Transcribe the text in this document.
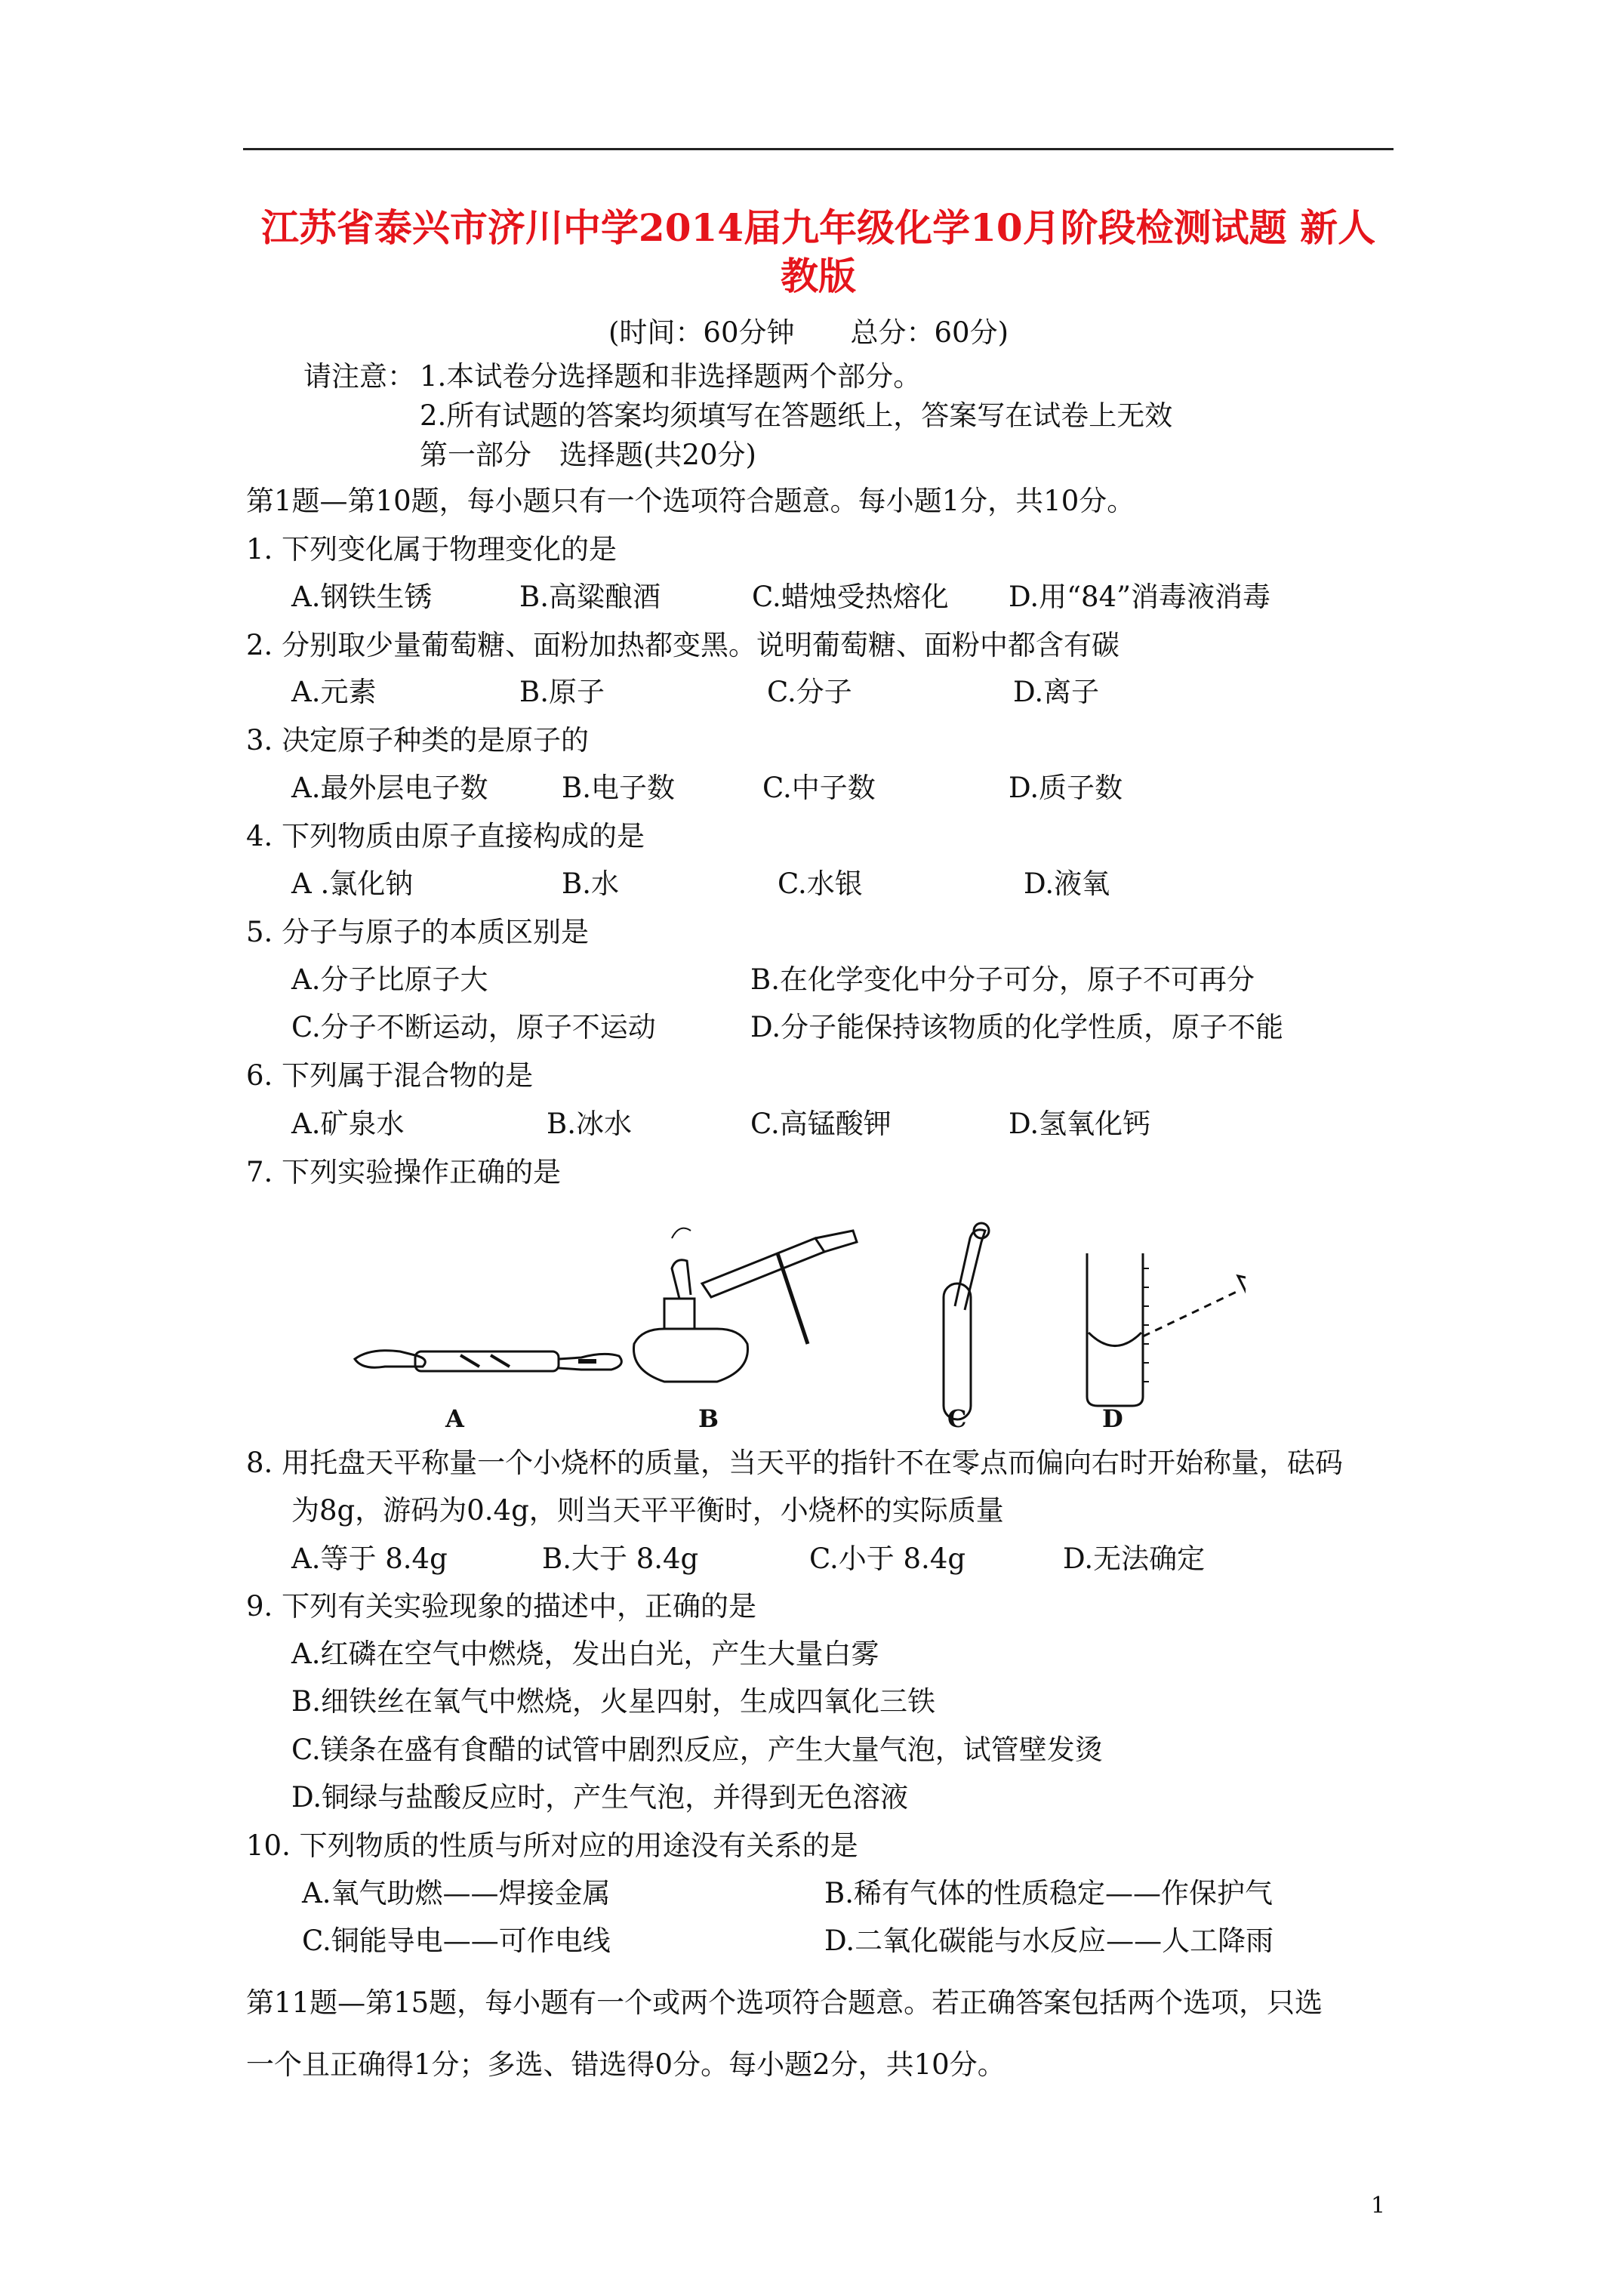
江苏省泰兴市济川中学2014届九年级化学10月阶段检测试题 新人
教版
(时间：60分钟　　总分：60分)
请注意： 1.本试卷分选择题和非选择题两个部分。
2.所有试题的答案均须填写在答题纸上，答案写在试卷上无效
第一部分　选择题(共20分)
第1题—第10题，每小题只有一个选项符合题意。每小题1分，共10分。
1. 下列变化属于物理变化的是
A.钢铁生锈	B.高粱酿酒	C.蜡烛受热熔化 D.用“84”消毒液消毒
2. 分别取少量葡萄糖、面粉加热都变黑。说明葡萄糖、面粉中都含有碳
A.元素	B.原子	C.分子	D.离子
3. 决定原子种类的是原子的
A.最外层电子数	B.电子数	C.中子数	D.质子数
4. 下列物质由原子直接构成的是
A .氯化钠	B.水	C.水银	D.液氧
5. 分子与原子的本质区别是
A.分子比原子大	B.在化学变化中分子可分，原子不可再分
C.分子不断运动，原子不运动	D.分子能保持该物质的化学性质，原子不能
6. 下列属于混合物的是
A.矿泉水	B.冰水	C.高锰酸钾	D.氢氧化钙
7. 下列实验操作正确的是
A	B	C	D
8. 用托盘天平称量一个小烧杯的质量，当天平的指针不在零点而偏向右时开始称量，砝码
为8g，游码为0.4g，则当天平平衡时，小烧杯的实际质量
A.等于 8.4g	B.大于 8.4g	C.小于 8.4g	D.无法确定
9. 下列有关实验现象的描述中，正确的是
A.红磷在空气中燃烧，发出白光，产生大量白雾
B.细铁丝在氧气中燃烧，火星四射，生成四氧化三铁
C.镁条在盛有食醋的试管中剧烈反应，产生大量气泡，试管壁发烫
D.铜绿与盐酸反应时，产生气泡，并得到无色溶液
10. 下列物质的性质与所对应的用途没有关系的是
A.氧气助燃——焊接金属	B.稀有气体的性质稳定——作保护气
C.铜能导电——可作电线	D.二氧化碳能与水反应——人工降雨
第11题—第15题，每小题有一个或两个选项符合题意。若正确答案包括两个选项，只选
一个且正确得1分；多选、错选得0分。每小题2分，共10分。
1
